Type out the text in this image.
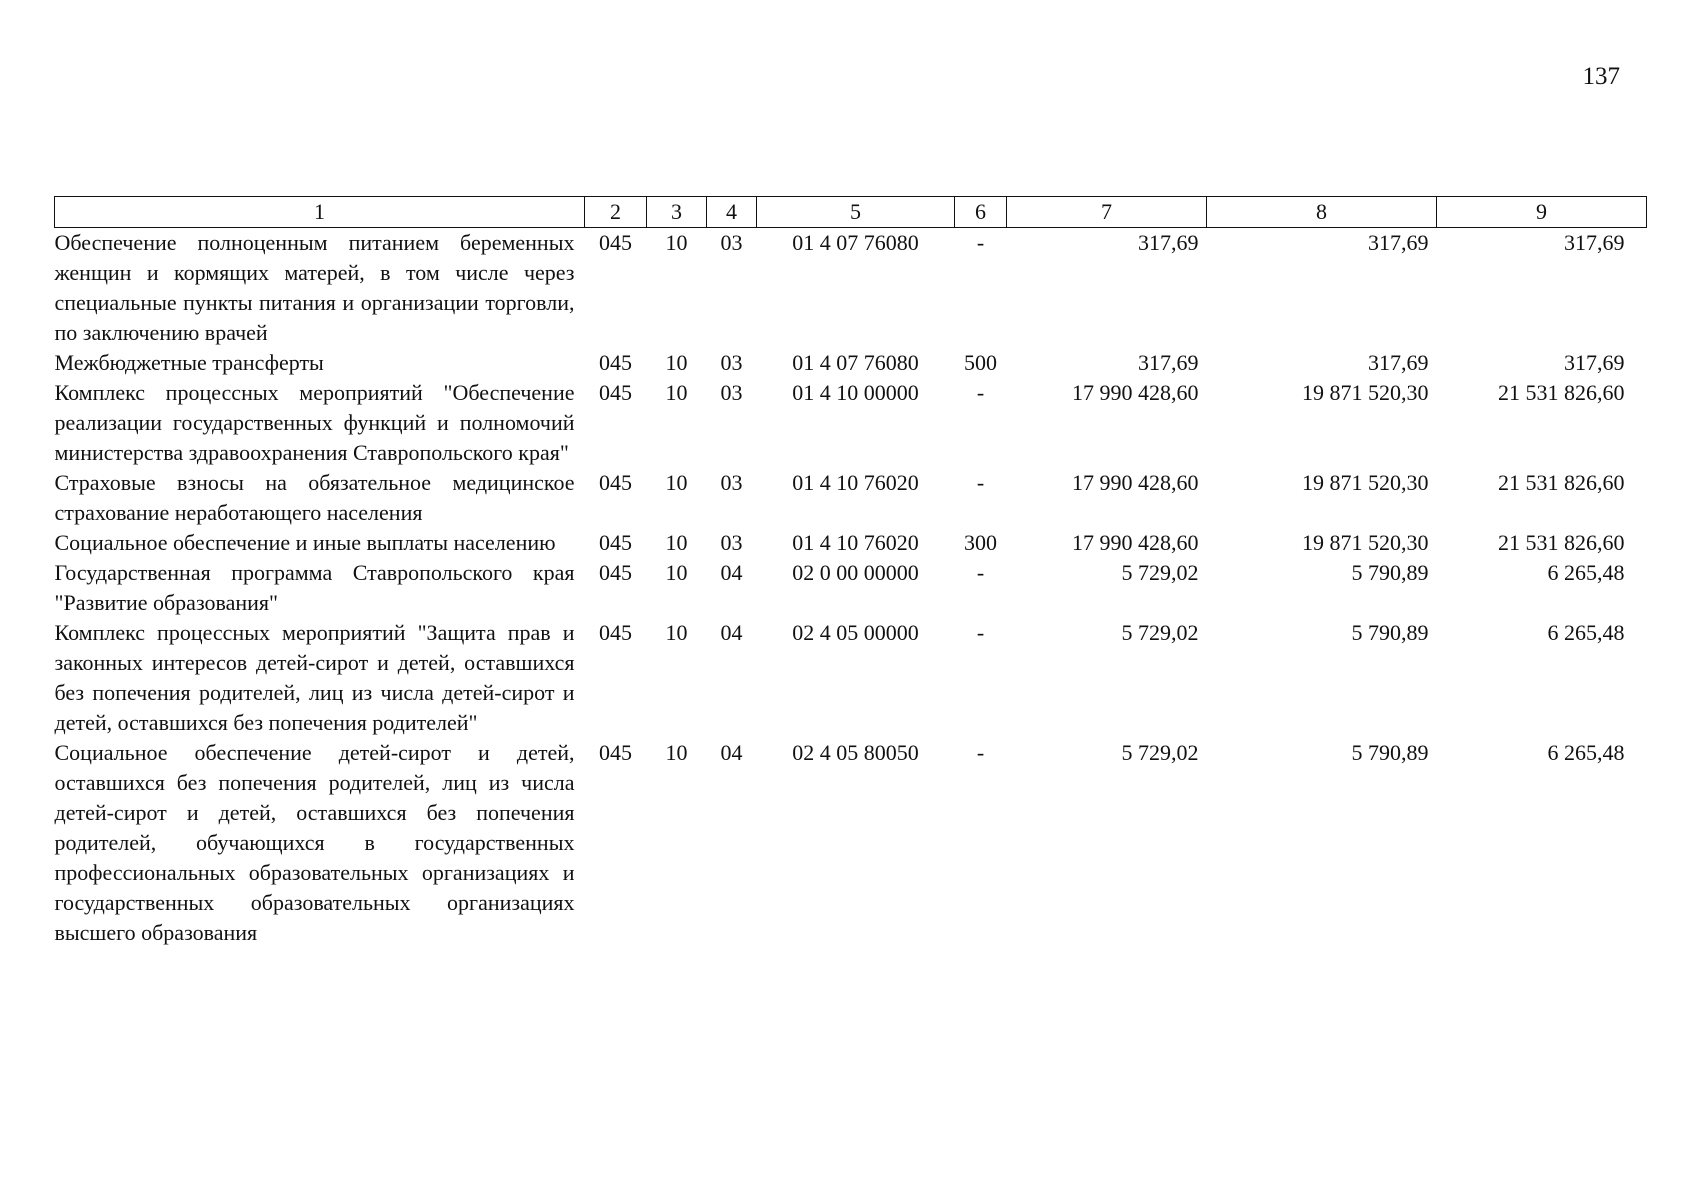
137
1	2	3	4	5	6	7	8	9
Обеспечение полноценным питанием беременных женщин и кормящих матерей, в том числе через специальные пункты питания и организации торговли, по заключению врачей	045	10	03	01 4 07 76080	-	317,69	317,69	317,69
Межбюджетные трансферты	045	10	03	01 4 07 76080	500	317,69	317,69	317,69
Комплекс процессных мероприятий "Обеспечение реализации государственных функций и полномочий министерства здравоохранения Ставропольского края"	045	10	03	01 4 10 00000	-	17 990 428,60	19 871 520,30	21 531 826,60
Страховые взносы на обязательное медицинское страхование неработающего населения	045	10	03	01 4 10 76020	-	17 990 428,60	19 871 520,30	21 531 826,60
Социальное обеспечение и иные выплаты населению	045	10	03	01 4 10 76020	300	17 990 428,60	19 871 520,30	21 531 826,60
Государственная программа Ставропольского края "Развитие образования"	045	10	04	02 0 00 00000	-	5 729,02	5 790,89	6 265,48
Комплекс процессных мероприятий "Защита прав и законных интересов детей-сирот и детей, оставшихся без попечения родителей, лиц из числа детей-сирот и детей, оставшихся без попечения родителей"	045	10	04	02 4 05 00000	-	5 729,02	5 790,89	6 265,48
Социальное обеспечение детей-сирот и детей, оставшихся без попечения родителей, лиц из числа детей-сирот и детей, оставшихся без попечения родителей, обучающихся в государственных профессиональных образовательных организациях и государственных образовательных организациях высшего образования	045	10	04	02 4 05 80050	-	5 729,02	5 790,89	6 265,48
